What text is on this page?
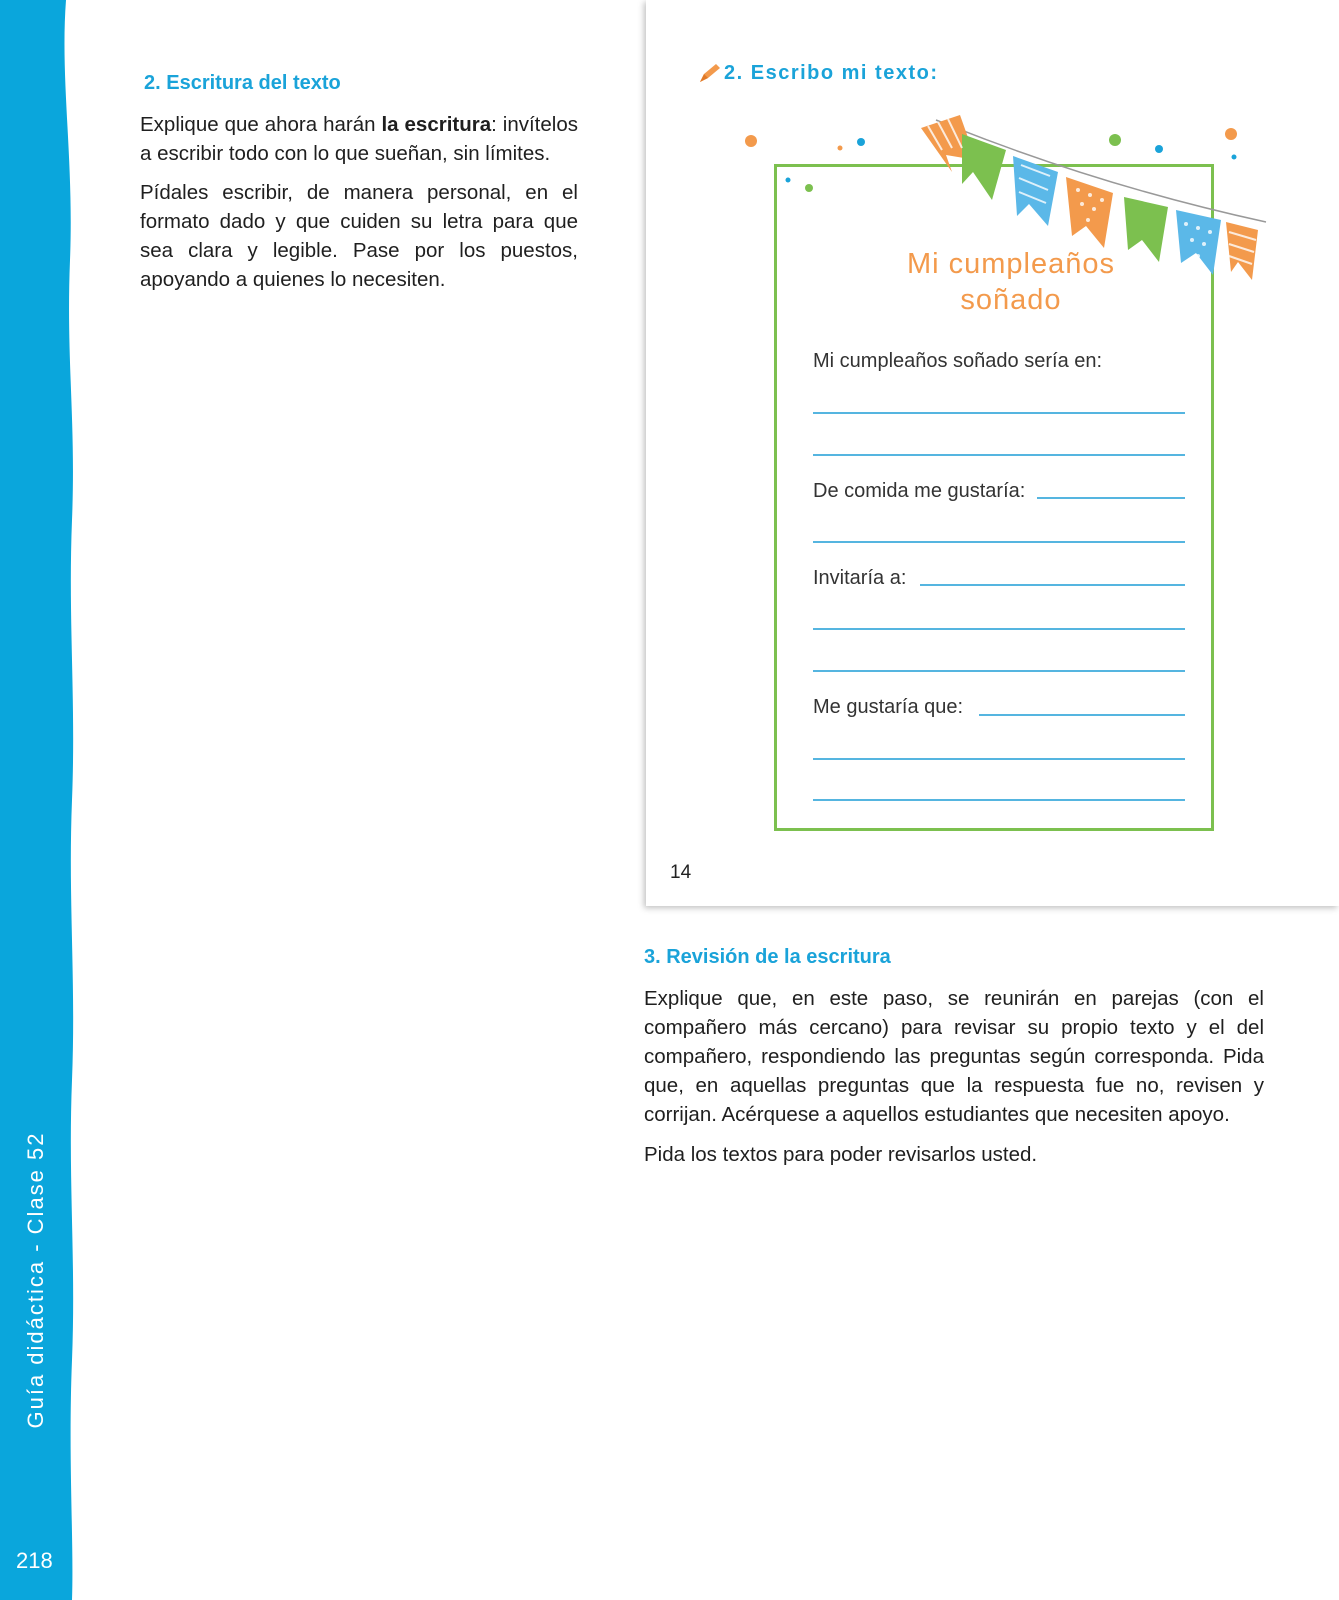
Guía didáctica - Clase 52
218
2. Escritura del texto

Explique que ahora harán la escritura: invítelos a escribir todo con lo que sueñan, sin límites.

Pídales escribir, de manera personal, en el formato dado y que cuiden su letra para que sea clara y legible. Pase por los puestos, apoyando a quienes lo necesiten.

2. Escribo mi texto:
Mi cumpleaños
soñado
Mi cumpleaños soñado sería en:
De comida me gustaría:
Invitaría a:
Me gustaría que:
14
3. Revisión de la escritura

Explique que, en este paso, se reunirán en parejas (con el compañero más cercano) para revisar su propio texto y el del compañero, respondiendo las preguntas según corresponda. Pida que, en aquellas preguntas que la respuesta fue no, revisen y corrijan. Acérquese a aquellos estudiantes que necesiten apoyo.

Pida los textos para poder revisarlos usted.
